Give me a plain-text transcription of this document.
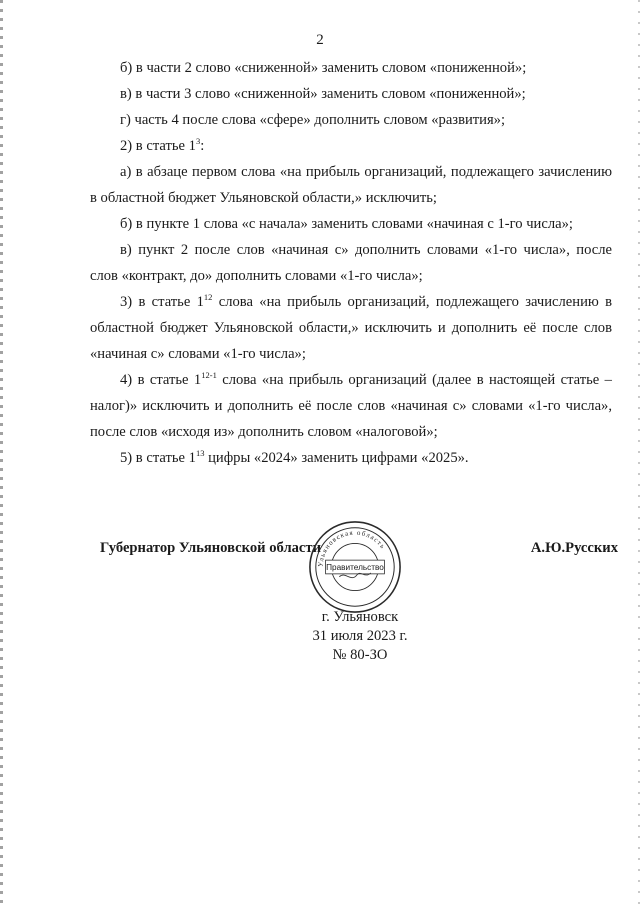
2

б) в части 2 слово «сниженной» заменить словом «пониженной»;

в) в части 3 слово «сниженной» заменить словом «пониженной»;

г) часть 4 после слова «сфере» дополнить словом «развития»;

2) в статье $1^3$:

а) в абзаце первом слова «на прибыль организаций, подлежащего зачислению в областной бюджет Ульяновской области,» исключить;

б) в пункте 1 слова «с начала» заменить словами «начиная с 1-го числа»;

в) пункт 2 после слов «начиная с» дополнить словами «1-го числа», после слов «контракт, до» дополнить словами «1-го числа»;

3) в статье $1^{12}$ слова «на прибыль организаций, подлежащего зачислению в областной бюджет Ульяновской области,» исключить и дополнить её после слов «начиная с» словами «1-го числа»;

4) в статье 1$^{12-1}$ слова «на прибыль организаций (далее в настоящей статье – налог)» исключить и дополнить её после слов «начиная с» словами «1-го числа», после слов «исходя из» дополнить словом «налоговой»;

5) в статье $1^{13}$ цифры «2024» заменить цифрами «2025».

Губернатор Ульяновской области	А.Ю.Русских
Ульяновская область
Правительство
г. Ульяновск
31 июля 2023 г.
№ 80-ЗО
